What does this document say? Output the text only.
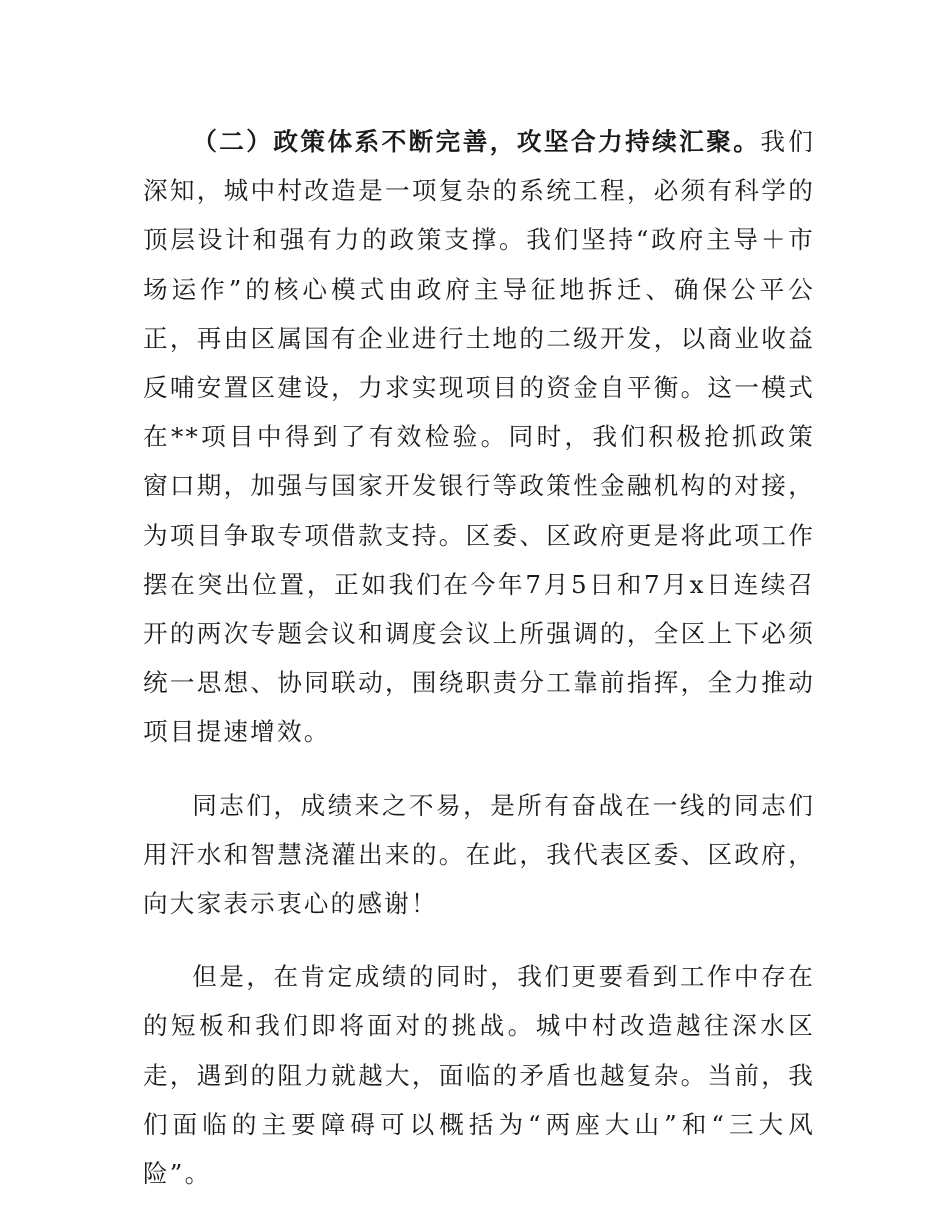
（二）政策体系不断完善，攻坚合力持续汇聚。我们深知，城中村改造是一项复杂的系统工程，必须有科学的顶层设计和强有力的政策支撑。我们坚持“政府主导＋市场运作”的核心模式由政府主导征地拆迁、确保公平公正，再由区属国有企业进行土地的二级开发，以商业收益反哺安置区建设，力求实现项目的资金自平衡。这一模式在**项目中得到了有效检验。同时，我们积极抢抓政策窗口期，加强与国家开发银行等政策性金融机构的对接，为项目争取专项借款支持。区委、区政府更是将此项工作摆在突出位置，正如我们在今年7月5日和7月x日连续召开的两次专题会议和调度会议上所强调的，全区上下必须统一思想、协同联动，围绕职责分工靠前指挥，全力推动项目提速增效。

同志们，成绩来之不易，是所有奋战在一线的同志们用汗水和智慧浇灌出来的。在此，我代表区委、区政府，向大家表示衷心的感谢！

但是，在肯定成绩的同时，我们更要看到工作中存在的短板和我们即将面对的挑战。城中村改造越往深水区走，遇到的阻力就越大，面临的矛盾也越复杂。当前，我们面临的主要障碍可以概括为“两座大山”和“三大风险”。
